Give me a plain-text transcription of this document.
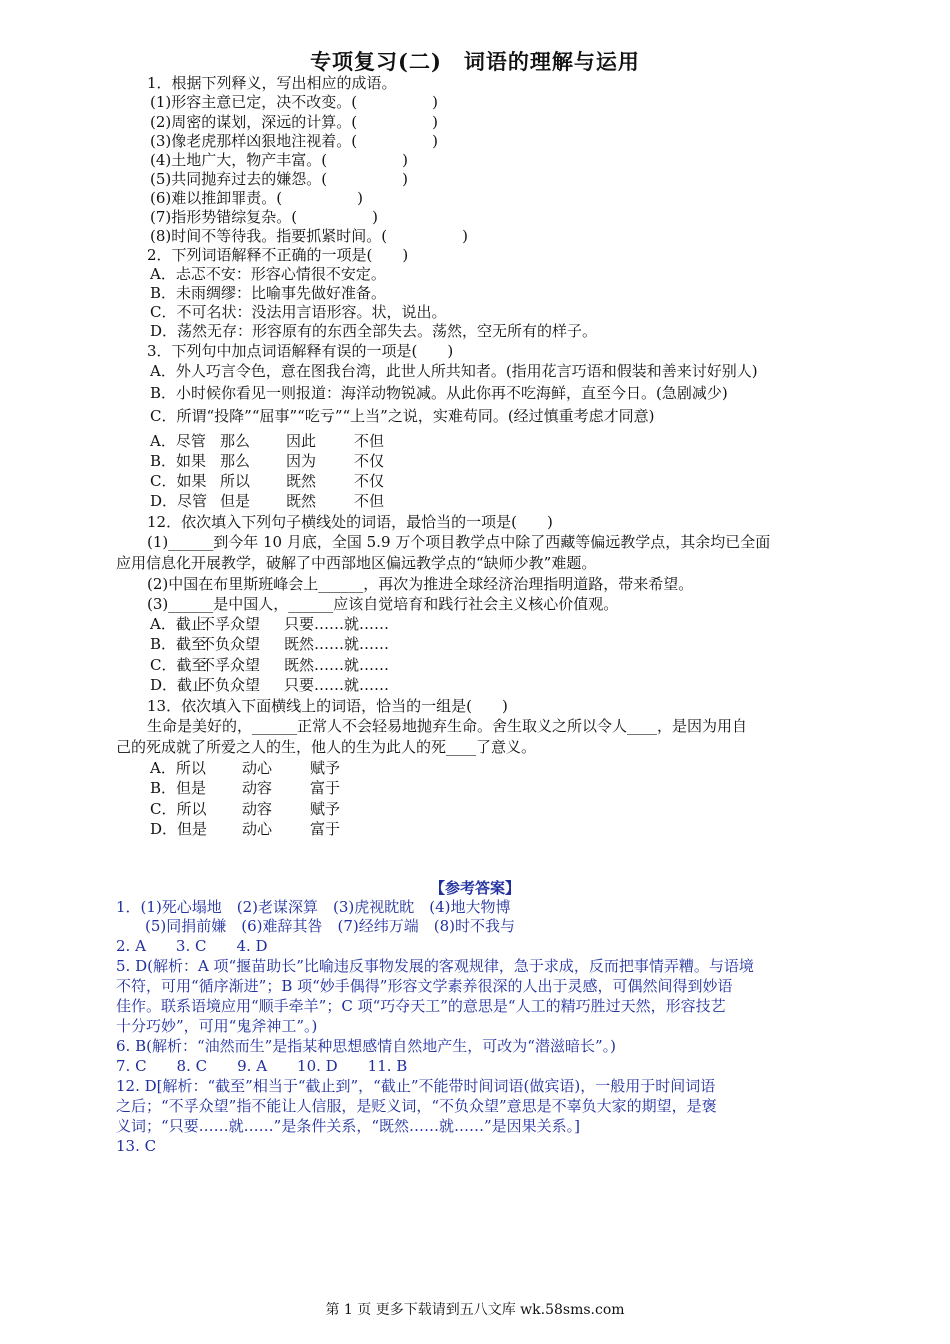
专项复习(二)　词语的理解与运用
1．根据下列释义，写出相应的成语。
(1)形容主意已定，决不改变。(　　　　　)
(2)周密的谋划，深远的计算。(　　　　　)
(3)像老虎那样凶狠地注视着。(　　　　　)
(4)土地广大，物产丰富。(　　　　　)
(5)共同抛弃过去的嫌怨。(　　　　　)
(6)难以推卸罪责。(　　　　　)
(7)指形势错综复杂。(　　　　　)
(8)时间不等待我。指要抓紧时间。(　　　　　)
2．下列词语解释不正确的一项是(　　)
A．忐忑不安：形容心情很不安定。
B．未雨绸缪：比喻事先做好准备。
C．不可名状：没法用言语形容。状，说出。
D．荡然无存：形容原有的东西全部失去。荡然，空无所有的样子。
3．下列句中加点词语解释有误的一项是(　　)
A．外人巧言令色，意在图我台湾，此世人所共知者。(指用花言巧语和假装和善来讨好别人)
B．小时候你看见一则报道：海洋动物锐减。从此你再不吃海鲜，直至今日。(急剧减少)
C．所谓“投降”“屈事”“吃亏”“上当”之说，实难苟同。(经过慎重考虑才同意)
A．尽管 那么 因此	不但
B．如果 那么 因为	不仅
C．如果 所以 既然	不仅
D．尽管 但是 既然	不但
12．依次填入下列句子横线处的词语，最恰当的一项是(　　)
(1)______到今年 10 月底，全国 5.9 万个项目教学点中除了西藏等偏远教学点，其余均已全面
应用信息化开展教学，破解了中西部地区偏远教学点的“缺师少教”难题。
(2)中国在布里斯班峰会上______，再次为推进全球经济治理指明道路，带来希望。
(3)______是中国人，______应该自觉培育和践行社会主义核心价值观。
A．截止不孚众望 只要……就……
B．截至不负众望 既然……就……
C．截至不孚众望 既然……就……
D．截止不负众望 只要……就……
13．依次填入下面横线上的词语，恰当的一组是(　　)
生命是美好的，______正常人不会轻易地抛弃生命。舍生取义之所以令人____，是因为用自
己的死成就了所爱之人的生，他人的生为此人的死____了意义。
A．所以 动心	赋予
B．但是 动容	富于
C．所以 动容	赋予
D．但是 动心	富于
【参考答案】
1．(1)死心塌地　(2)老谋深算　(3)虎视眈眈　(4)地大物博
(5)同捐前嫌　(6)难辞其咎　(7)经纬万端　(8)时不我与
2. A　　3. C　　4. D
5. D(解析：A 项“揠苗助长”比喻违反事物发展的客观规律，急于求成，反而把事情弄糟。与语境
不符，可用“循序渐进”；B 项“妙手偶得”形容文学素养很深的人出于灵感，可偶然间得到妙语
佳作。联系语境应用“顺手牵羊”；C 项“巧夺天工”的意思是“人工的精巧胜过天然，形容技艺
十分巧妙”，可用“鬼斧神工”。)
6. B(解析：“油然而生”是指某种思想感情自然地产生，可改为“潜滋暗长”。)
7. C　　8. C　　9. A　　10. D　　11. B
12. D[解析：“截至”相当于“截止到”，“截止”不能带时间词语(做宾语)，一般用于时间词语
之后；“不孚众望”指不能让人信服，是贬义词，“不负众望”意思是不辜负大家的期望，是褒
义词；“只要……就……”是条件关系，“既然……就……”是因果关系。]
13. C
第 1 页 更多下载请到五八文库 wk.58sms.com
